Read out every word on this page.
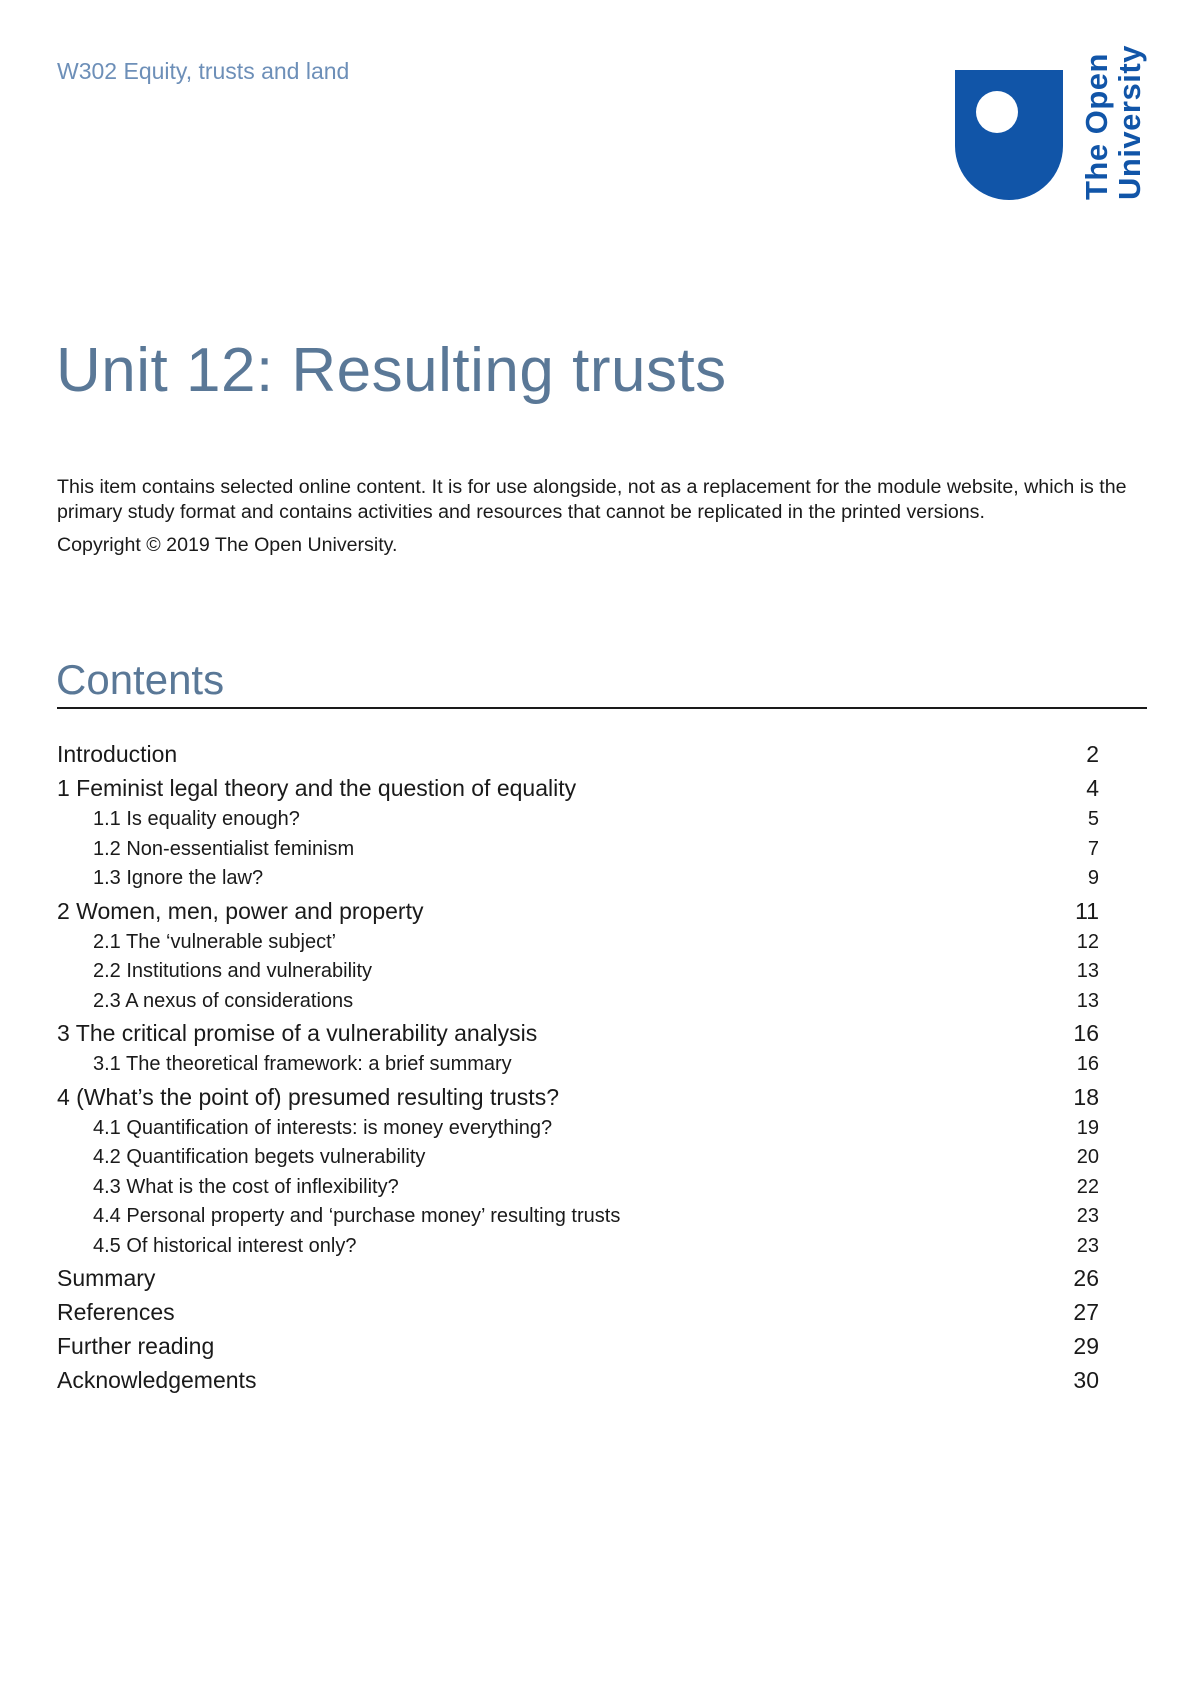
W302 Equity, trusts and land	The Open
University
Unit 12: Resulting trusts
This item contains selected online content. It is for use alongside, not as a replacement for the module website, which is the primary study format and contains activities and resources that cannot be replicated in the printed versions.
Copyright © 2019 The Open University.
Contents
Introduction	2
1 Feminist legal theory and the question of equality	4
1.1 Is equality enough?	5
1.2 Non-essentialist feminism	7
1.3 Ignore the law?	9
2 Women, men, power and property	11
2.1 The ‘vulnerable subject’	12
2.2 Institutions and vulnerability	13
2.3 A nexus of considerations	13
3 The critical promise of a vulnerability analysis	16
3.1 The theoretical framework: a brief summary	16
4 (What’s the point of) presumed resulting trusts?	18
4.1 Quantification of interests: is money everything?	19
4.2 Quantification begets vulnerability	20
4.3 What is the cost of inflexibility?	22
4.4 Personal property and ‘purchase money’ resulting trusts	23
4.5 Of historical interest only?	23
Summary	26
References	27
Further reading	29
Acknowledgements	30
